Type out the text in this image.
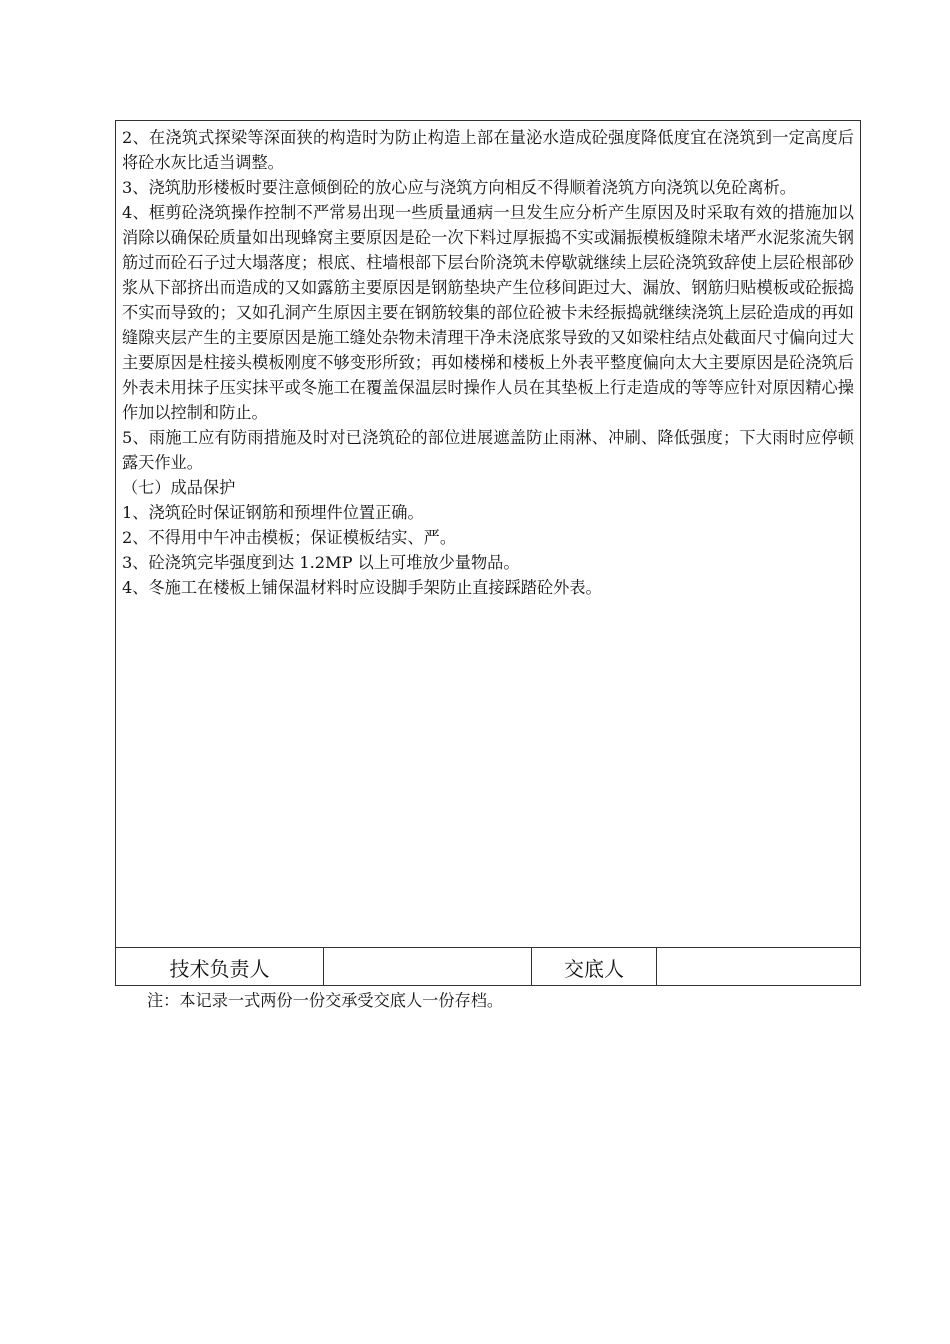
2、在浇筑式探梁等深面狭的构造时为防止构造上部在量泌水造成砼强度降低度宜在浇筑到一定高度后将砼水灰比适当调整。

3、浇筑肋形楼板时要注意倾倒砼的放心应与浇筑方向相反不得顺着浇筑方向浇筑以免砼离析。

4、框剪砼浇筑操作控制不严常易出现一些质量通病一旦发生应分析产生原因及时采取有效的措施加以消除以确保砼质量如出现蜂窝主要原因是砼一次下料过厚振捣不实或漏振模板缝隙未堵严水泥浆流失钢筋过而砼石子过大塌落度；根底、柱墙根部下层台阶浇筑未停歇就继续上层砼浇筑致辞使上层砼根部砂浆从下部挤出而造成的又如露筋主要原因是钢筋垫块产生位移间距过大、漏放、钢筋归贴模板或砼振捣不实而导致的；又如孔洞产生原因主要在钢筋较集的部位砼被卡未经振捣就继续浇筑上层砼造成的再如缝隙夹层产生的主要原因是施工缝处杂物未清理干净未浇底浆导致的又如梁柱结点处截面尺寸偏向过大主要原因是柱接头模板刚度不够变形所致；再如楼梯和楼板上外表平整度偏向太大主要原因是砼浇筑后外表未用抹子压实抹平或冬施工在覆盖保温层时操作人员在其垫板上行走造成的等等应针对原因精心操作加以控制和防止。

5、雨施工应有防雨措施及时对已浇筑砼的部位进展遮盖防止雨淋、冲刷、降低强度；下大雨时应停顿露天作业。

（七）成品保护

1、浇筑砼时保证钢筋和预埋件位置正确。

2、不得用中午冲击模板；保证模板结实、严。

3、砼浇筑完毕强度到达 1.2MP 以上可堆放少量物品。

4、冬施工在楼板上铺保温材料时应设脚手架防止直接踩踏砼外表。

技术负责人	交底人
注：本记录一式两份一份交承受交底人一份存档。
